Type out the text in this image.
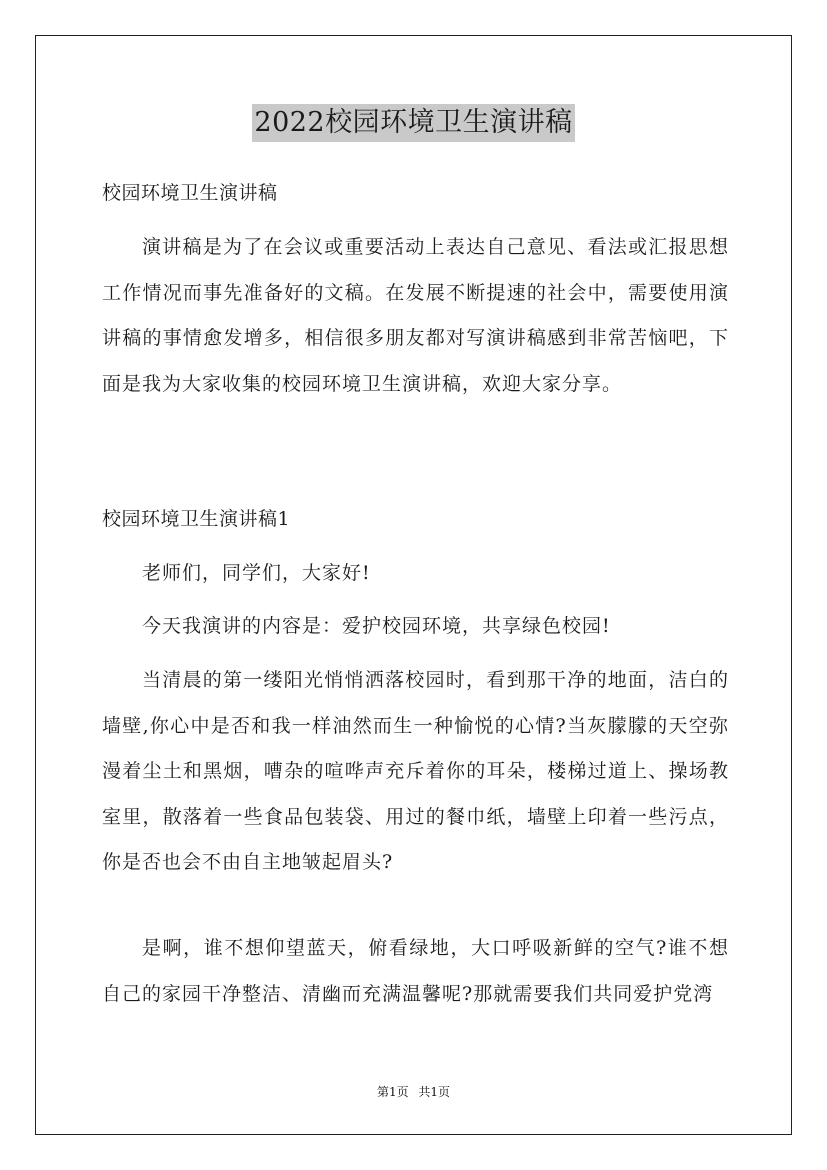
2022校园环境卫生演讲稿
校园环境卫生演讲稿
演讲稿是为了在会议或重要活动上表达自己意见、看法或汇报思想工作情况而事先准备好的文稿。在发展不断提速的社会中，需要使用演讲稿的事情愈发增多，相信很多朋友都对写演讲稿感到非常苦恼吧，下面是我为大家收集的校园环境卫生演讲稿，欢迎大家分享。
校园环境卫生演讲稿1
老师们，同学们，大家好!
今天我演讲的内容是：爱护校园环境，共享绿色校园!
当清晨的第一缕阳光悄悄洒落校园时，看到那干净的地面，洁白的墙壁,你心中是否和我一样油然而生一种愉悦的心情?当灰朦朦的天空弥漫着尘土和黑烟，嘈杂的喧哗声充斥着你的耳朵，楼梯过道上、操场教室里，散落着一些食品包装袋、用过的餐巾纸，墙壁上印着一些污点，你是否也会不由自主地皱起眉头?
是啊，谁不想仰望蓝天，俯看绿地，大口呼吸新鲜的空气?谁不想自己的家园干净整洁、清幽而充满温馨呢?那就需要我们共同爱护党湾
第1页 共1页
